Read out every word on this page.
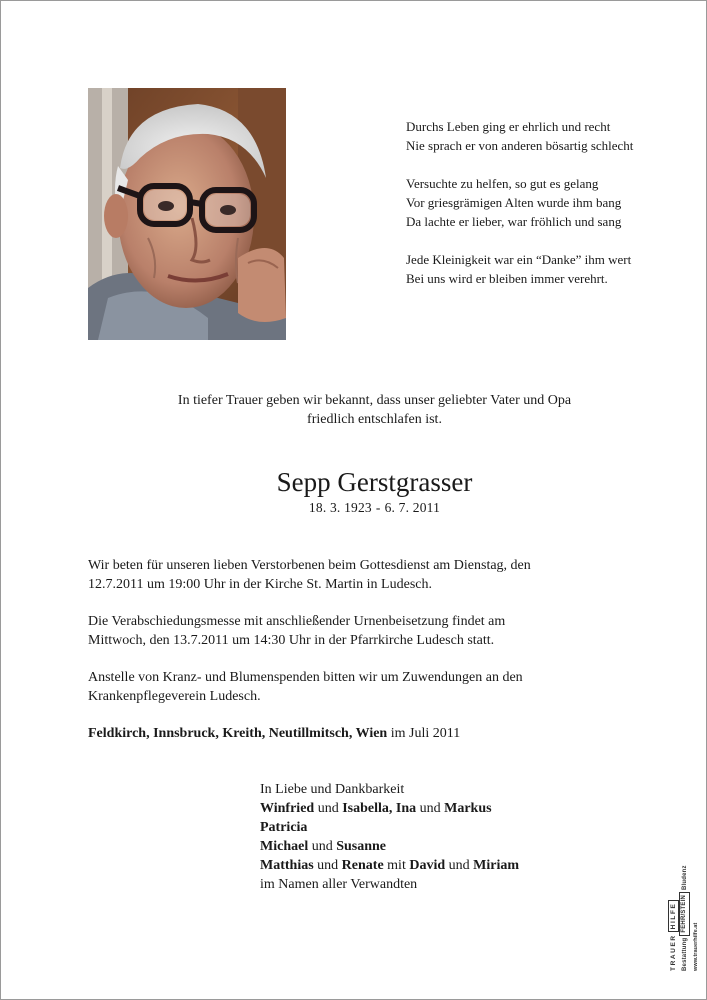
Durchs Leben ging er ehrlich und recht
Nie sprach er von anderen bösartig schlecht
Versuchte zu helfen, so gut es gelang
Vor griesgrämigen Alten wurde ihm bang
Da lachte er lieber, war fröhlich und sang
Jede Kleinigkeit war ein “Danke” ihm wert
Bei uns wird er bleiben immer verehrt.
In tiefer Trauer geben wir bekannt, dass unser geliebter Vater und Opa
friedlich entschlafen ist.
Sepp Gerstgrasser
18. 3. 1923 - 6. 7. 2011

Wir beten für unseren lieben Verstorbenen beim Gottesdienst am Dienstag, den
12.7.2011 um 19:00 Uhr in der Kirche St. Martin in Ludesch.

Die Verabschiedungsmesse mit anschließender Urnenbeisetzung findet am
Mittwoch, den 13.7.2011 um 14:30 Uhr in der Pfarrkirche Ludesch statt.

Anstelle von Kranz- und Blumenspenden bitten wir um Zuwendungen an den
Krankenpflegeverein Ludesch.

Feldkirch, Innsbruck, Kreith, Neutillmitsch, Wien im Juli 2011

In Liebe und Dankbarkeit
Winfried und Isabella, Ina und Markus
Patricia
Michael und Susanne
Matthias und Renate mit David und Miriam
im Namen aller Verwandten
TRAUER
HILFE
Bestattung
FEHR/STEIN
Bludenz
www.trauerhilfe.at
